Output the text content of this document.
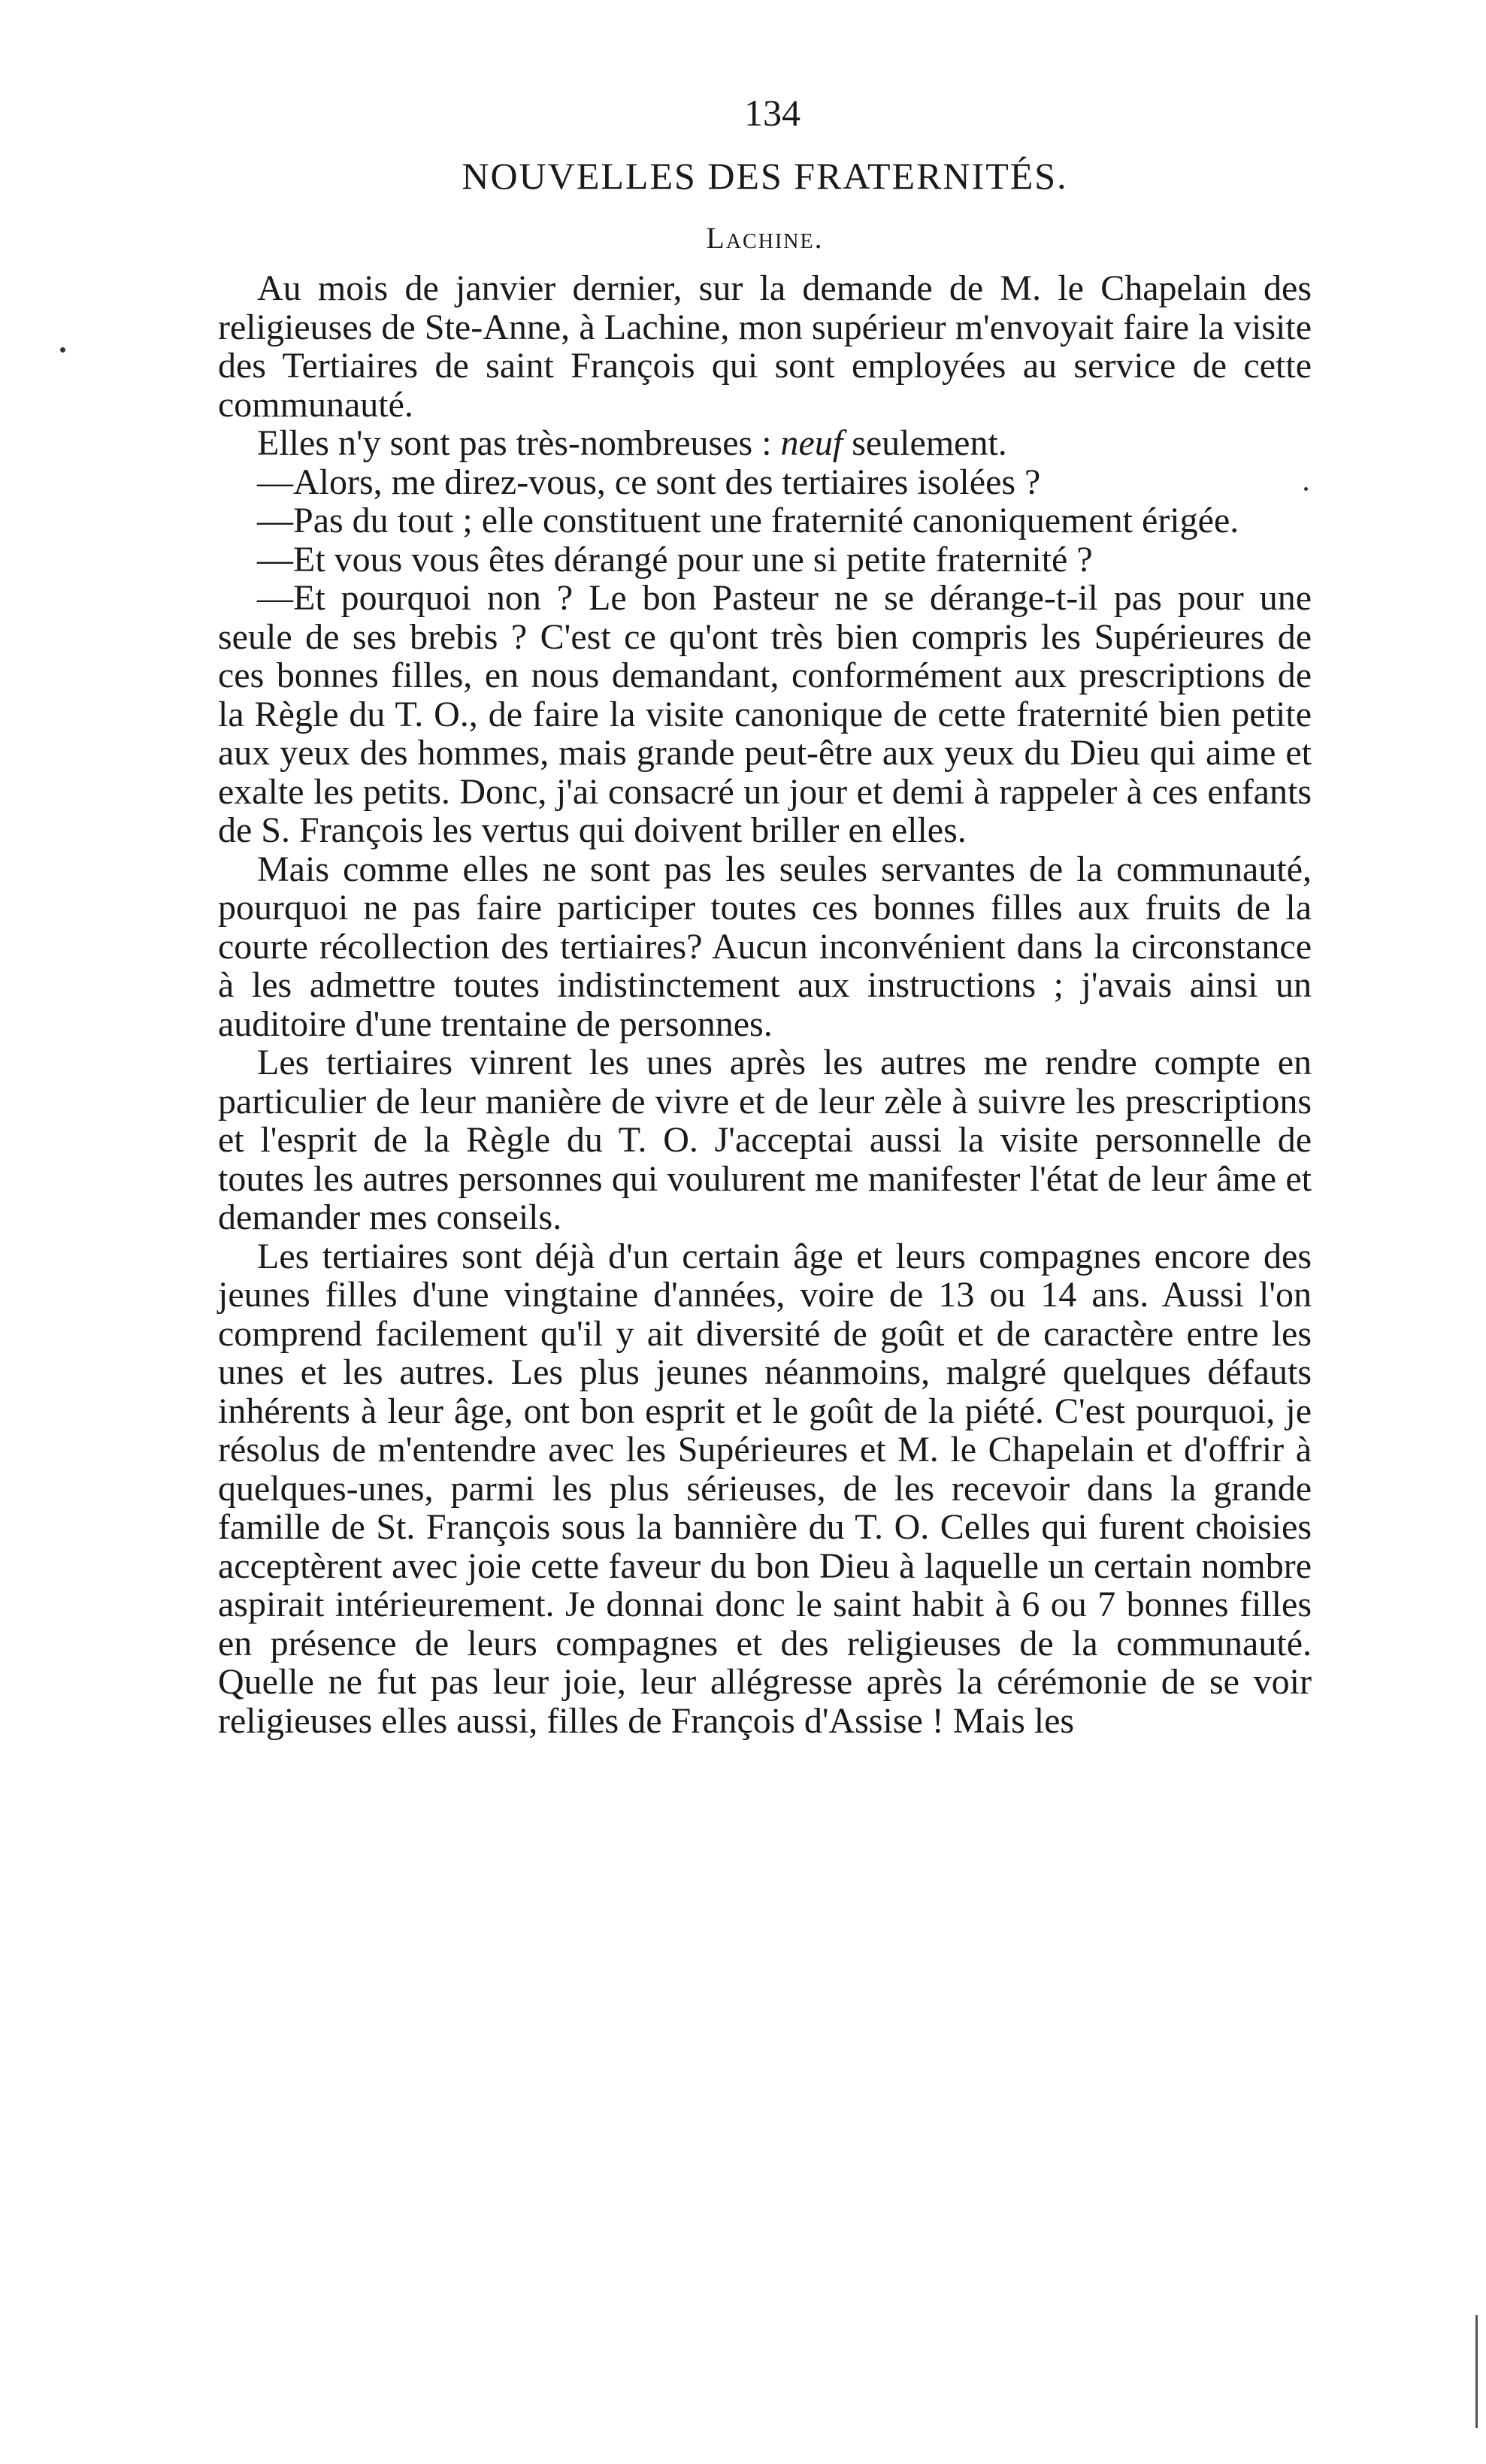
134
NOUVELLES DES FRATERNITÉS.
Lachine.

Au mois de janvier dernier, sur la demande de M. le Chapelain des religieuses de Ste-Anne, à Lachine, mon supérieur m'envoyait faire la visite des Tertiaires de saint François qui sont employées au service de cette communauté.

Elles n'y sont pas très-nombreuses : neuf seulement.

—Alors, me direz-vous, ce sont des tertiaires isolées ?

—Pas du tout ; elle constituent une fraternité canoniquement érigée.

—Et vous vous êtes dérangé pour une si petite fraternité ?

—Et pourquoi non ? Le bon Pasteur ne se dérange-t-il pas pour une seule de ses brebis ? C'est ce qu'ont très bien compris les Supérieures de ces bonnes filles, en nous demandant, conformément aux prescriptions de la Règle du T. O., de faire la visite canonique de cette fraternité bien petite aux yeux des hommes, mais grande peut-être aux yeux du Dieu qui aime et exalte les petits. Donc, j'ai consacré un jour et demi à rappeler à ces enfants de S. François les vertus qui doivent briller en elles.

Mais comme elles ne sont pas les seules servantes de la communauté, pourquoi ne pas faire participer toutes ces bonnes filles aux fruits de la courte récollection des tertiaires? Aucun inconvénient dans la circonstance à les admettre toutes indistinctement aux instructions ; j'avais ainsi un auditoire d'une trentaine de personnes.

Les tertiaires vinrent les unes après les autres me rendre compte en particulier de leur manière de vivre et de leur zèle à suivre les prescriptions et l'esprit de la Règle du T. O. J'acceptai aussi la visite personnelle de toutes les autres personnes qui voulurent me manifester l'état de leur âme et demander mes conseils.

Les tertiaires sont déjà d'un certain âge et leurs compagnes encore des jeunes filles d'une vingtaine d'années, voire de 13 ou 14 ans. Aussi l'on comprend facilement qu'il y ait diversité de goût et de caractère entre les unes et les autres. Les plus jeunes néanmoins, malgré quelques défauts inhérents à leur âge, ont bon esprit et le goût de la piété. C'est pourquoi, je résolus de m'entendre avec les Supérieures et M. le Chapelain et d'offrir à quelques-unes, parmi les plus sérieuses, de les recevoir dans la grande famille de St. François sous la bannière du T. O. Celles qui furent choisies acceptèrent avec joie cette faveur du bon Dieu à laquelle un certain nombre aspirait intérieurement. Je donnai donc le saint habit à 6 ou 7 bonnes filles en présence de leurs compagnes et des religieuses de la communauté. Quelle ne fut pas leur joie, leur allégresse après la cérémonie de se voir religieuses elles aussi, filles de François d'Assise ! Mais les
